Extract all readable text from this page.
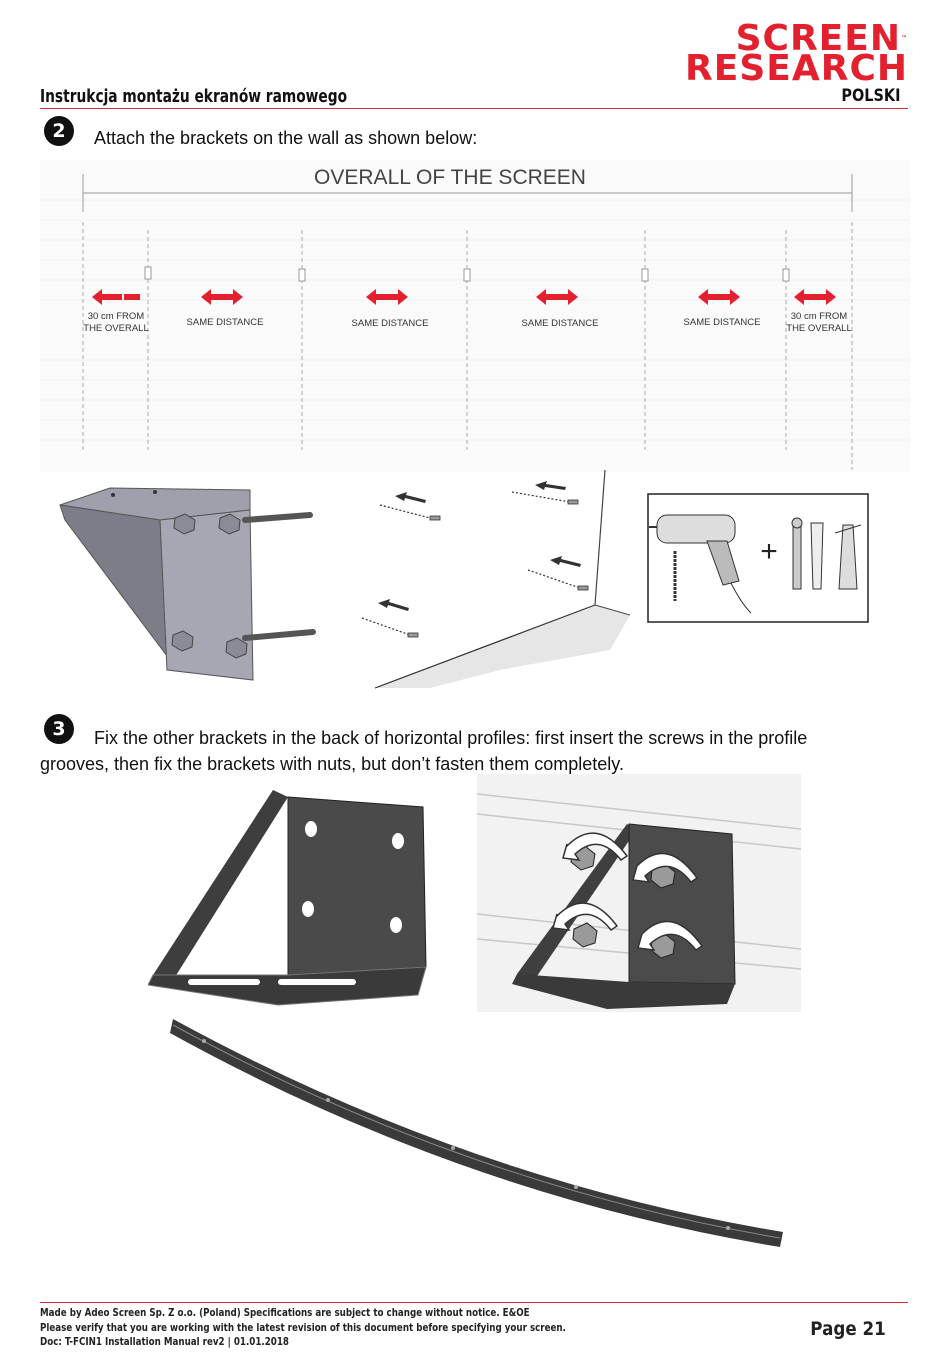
SCREEN™
RESEARCH
Instrukcja montażu ekranów ramowego	POLSKI
2	Attach the brackets on the wall as shown below:
OVERALL OF THE SCREEN
30 cm FROM
THE OVERALL
SAME DISTANCE	SAME DISTANCE	SAME DISTANCE	SAME DISTANCE
30 cm FROM
THE OVERALL
+
3	Fix the other brackets in the back of horizontal profiles: first insert the screws in the profile
grooves, then fix the brackets with nuts, but don’t fasten them completely.
Made by Adeo Screen Sp. Z o.o. (Poland) Specifications are subject to change without notice. E&OE
Please verify that you are working with the latest revision of this document before specifying your screen.
Doc: T-FCIN1 Installation Manual rev2 | 01.01.2018
Page 21
